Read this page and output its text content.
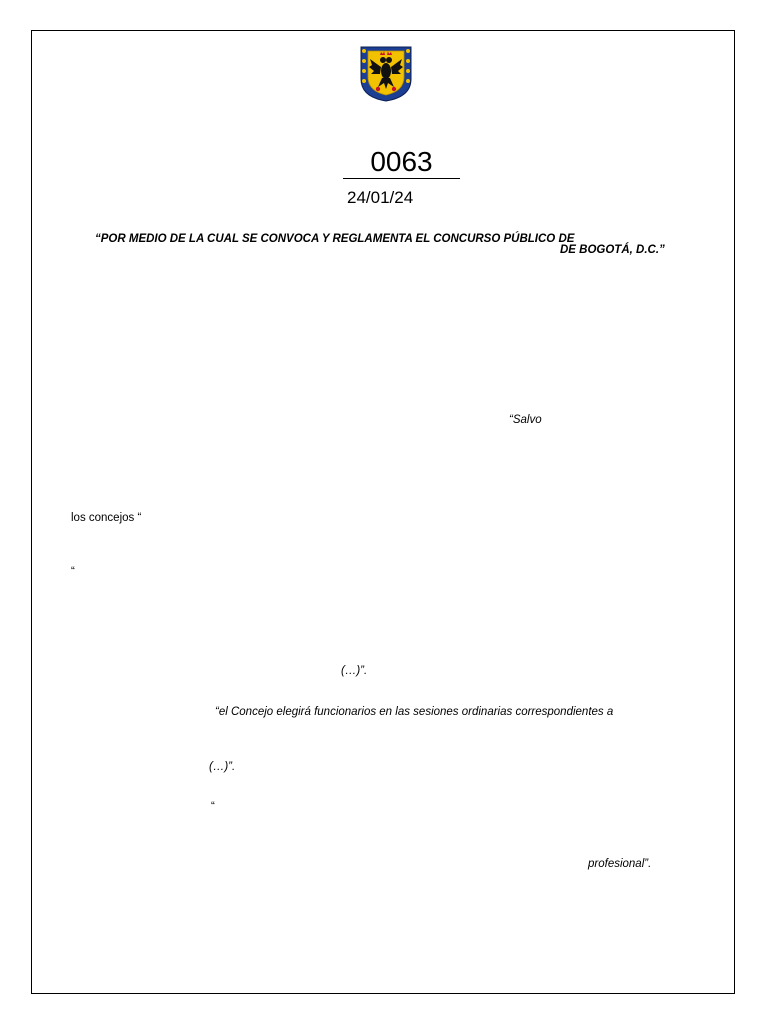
0063
24/01/24
“POR MEDIO DE LA CUAL SE CONVOCA Y REGLAMENTA EL CONCURSO PÚBLICO DE
DE BOGOTÁ, D.C.”
“Salvo
los concejos “
“
(…)”.
“el Concejo elegirá funcionarios en las sesiones ordinarias correspondientes a
(…)”.
“
profesional”.
